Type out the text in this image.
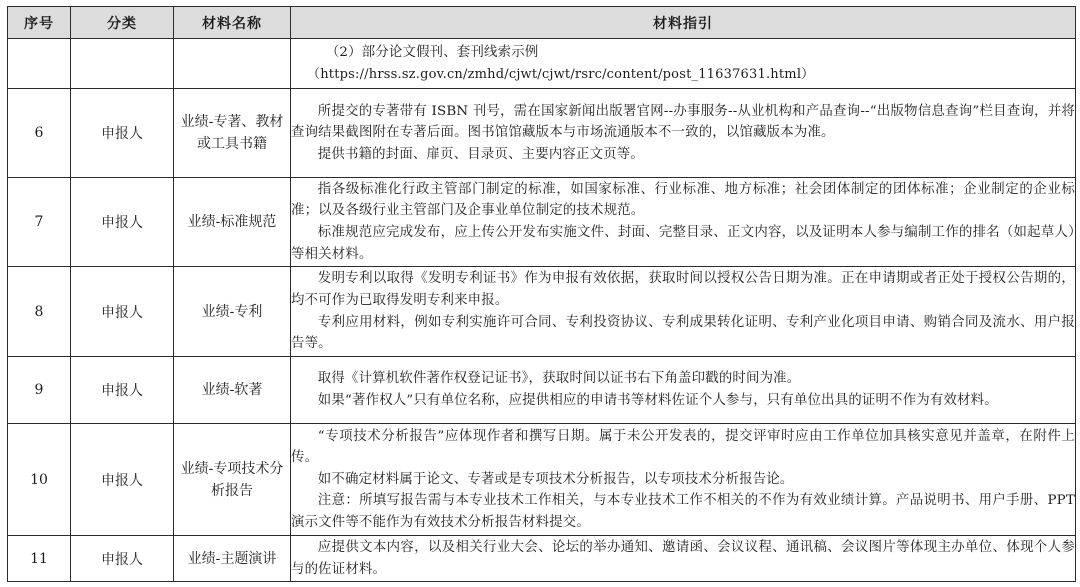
序号	分类	材料名称	材料指引

			（2）部分论文假刊、套刊线索示例

（https://hrss.sz.gov.cn/zmhd/cjwt/cjwt/rsrc/content/post_11637631.html）

6	申报人	业绩-专著、教材或工具书籍	所提交的专著带有 ISBN 刊号，需在国家新闻出版署官网--办事服务--从业机构和产品查询--“出版物信息查询”栏目查询，并将查询结果截图附在专著后面。图书馆馆藏版本与市场流通版本不一致的，以馆藏版本为准。

提供书籍的封面、扉页、目录页、主要内容正文页等。

7	申报人	业绩-标准规范	指各级标准化行政主管部门制定的标准，如国家标准、行业标准、地方标准；社会团体制定的团体标准；企业制定的企业标准；以及各级行业主管部门及企事业单位制定的技术规范。

标准规范应完成发布，应上传公开发布实施文件、封面、完整目录、正文内容，以及证明本人参与编制工作的排名（如起草人）等相关材料。

8	申报人	业绩-专利	发明专利以取得《发明专利证书》作为申报有效依据，获取时间以授权公告日期为准。正在申请期或者正处于授权公告期的，均不可作为已取得发明专利来申报。

专利应用材料，例如专利实施许可合同、专利投资协议、专利成果转化证明、专利产业化项目申请、购销合同及流水、用户报告等。

9	申报人	业绩-软著	取得《计算机软件著作权登记证书》，获取时间以证书右下角盖印戳的时间为准。

如果“著作权人”只有单位名称，应提供相应的申请书等材料佐证个人参与，只有单位出具的证明不作为有效材料。

10	申报人	业绩-专项技术分析报告	“专项技术分析报告”应体现作者和撰写日期。属于未公开发表的，提交评审时应由工作单位加具核实意见并盖章，在附件上传。

如不确定材料属于论文、专著或是专项技术分析报告，以专项技术分析报告论。

注意：所填写报告需与本专业技术工作相关，与本专业技术工作不相关的不作为有效业绩计算。产品说明书、用户手册、PPT 演示文件等不能作为有效技术分析报告材料提交。

11	申报人	业绩-主题演讲	应提供文本内容，以及相关行业大会、论坛的举办通知、邀请函、会议议程、通讯稿、会议图片等体现主办单位、体现个人参与的佐证材料。
